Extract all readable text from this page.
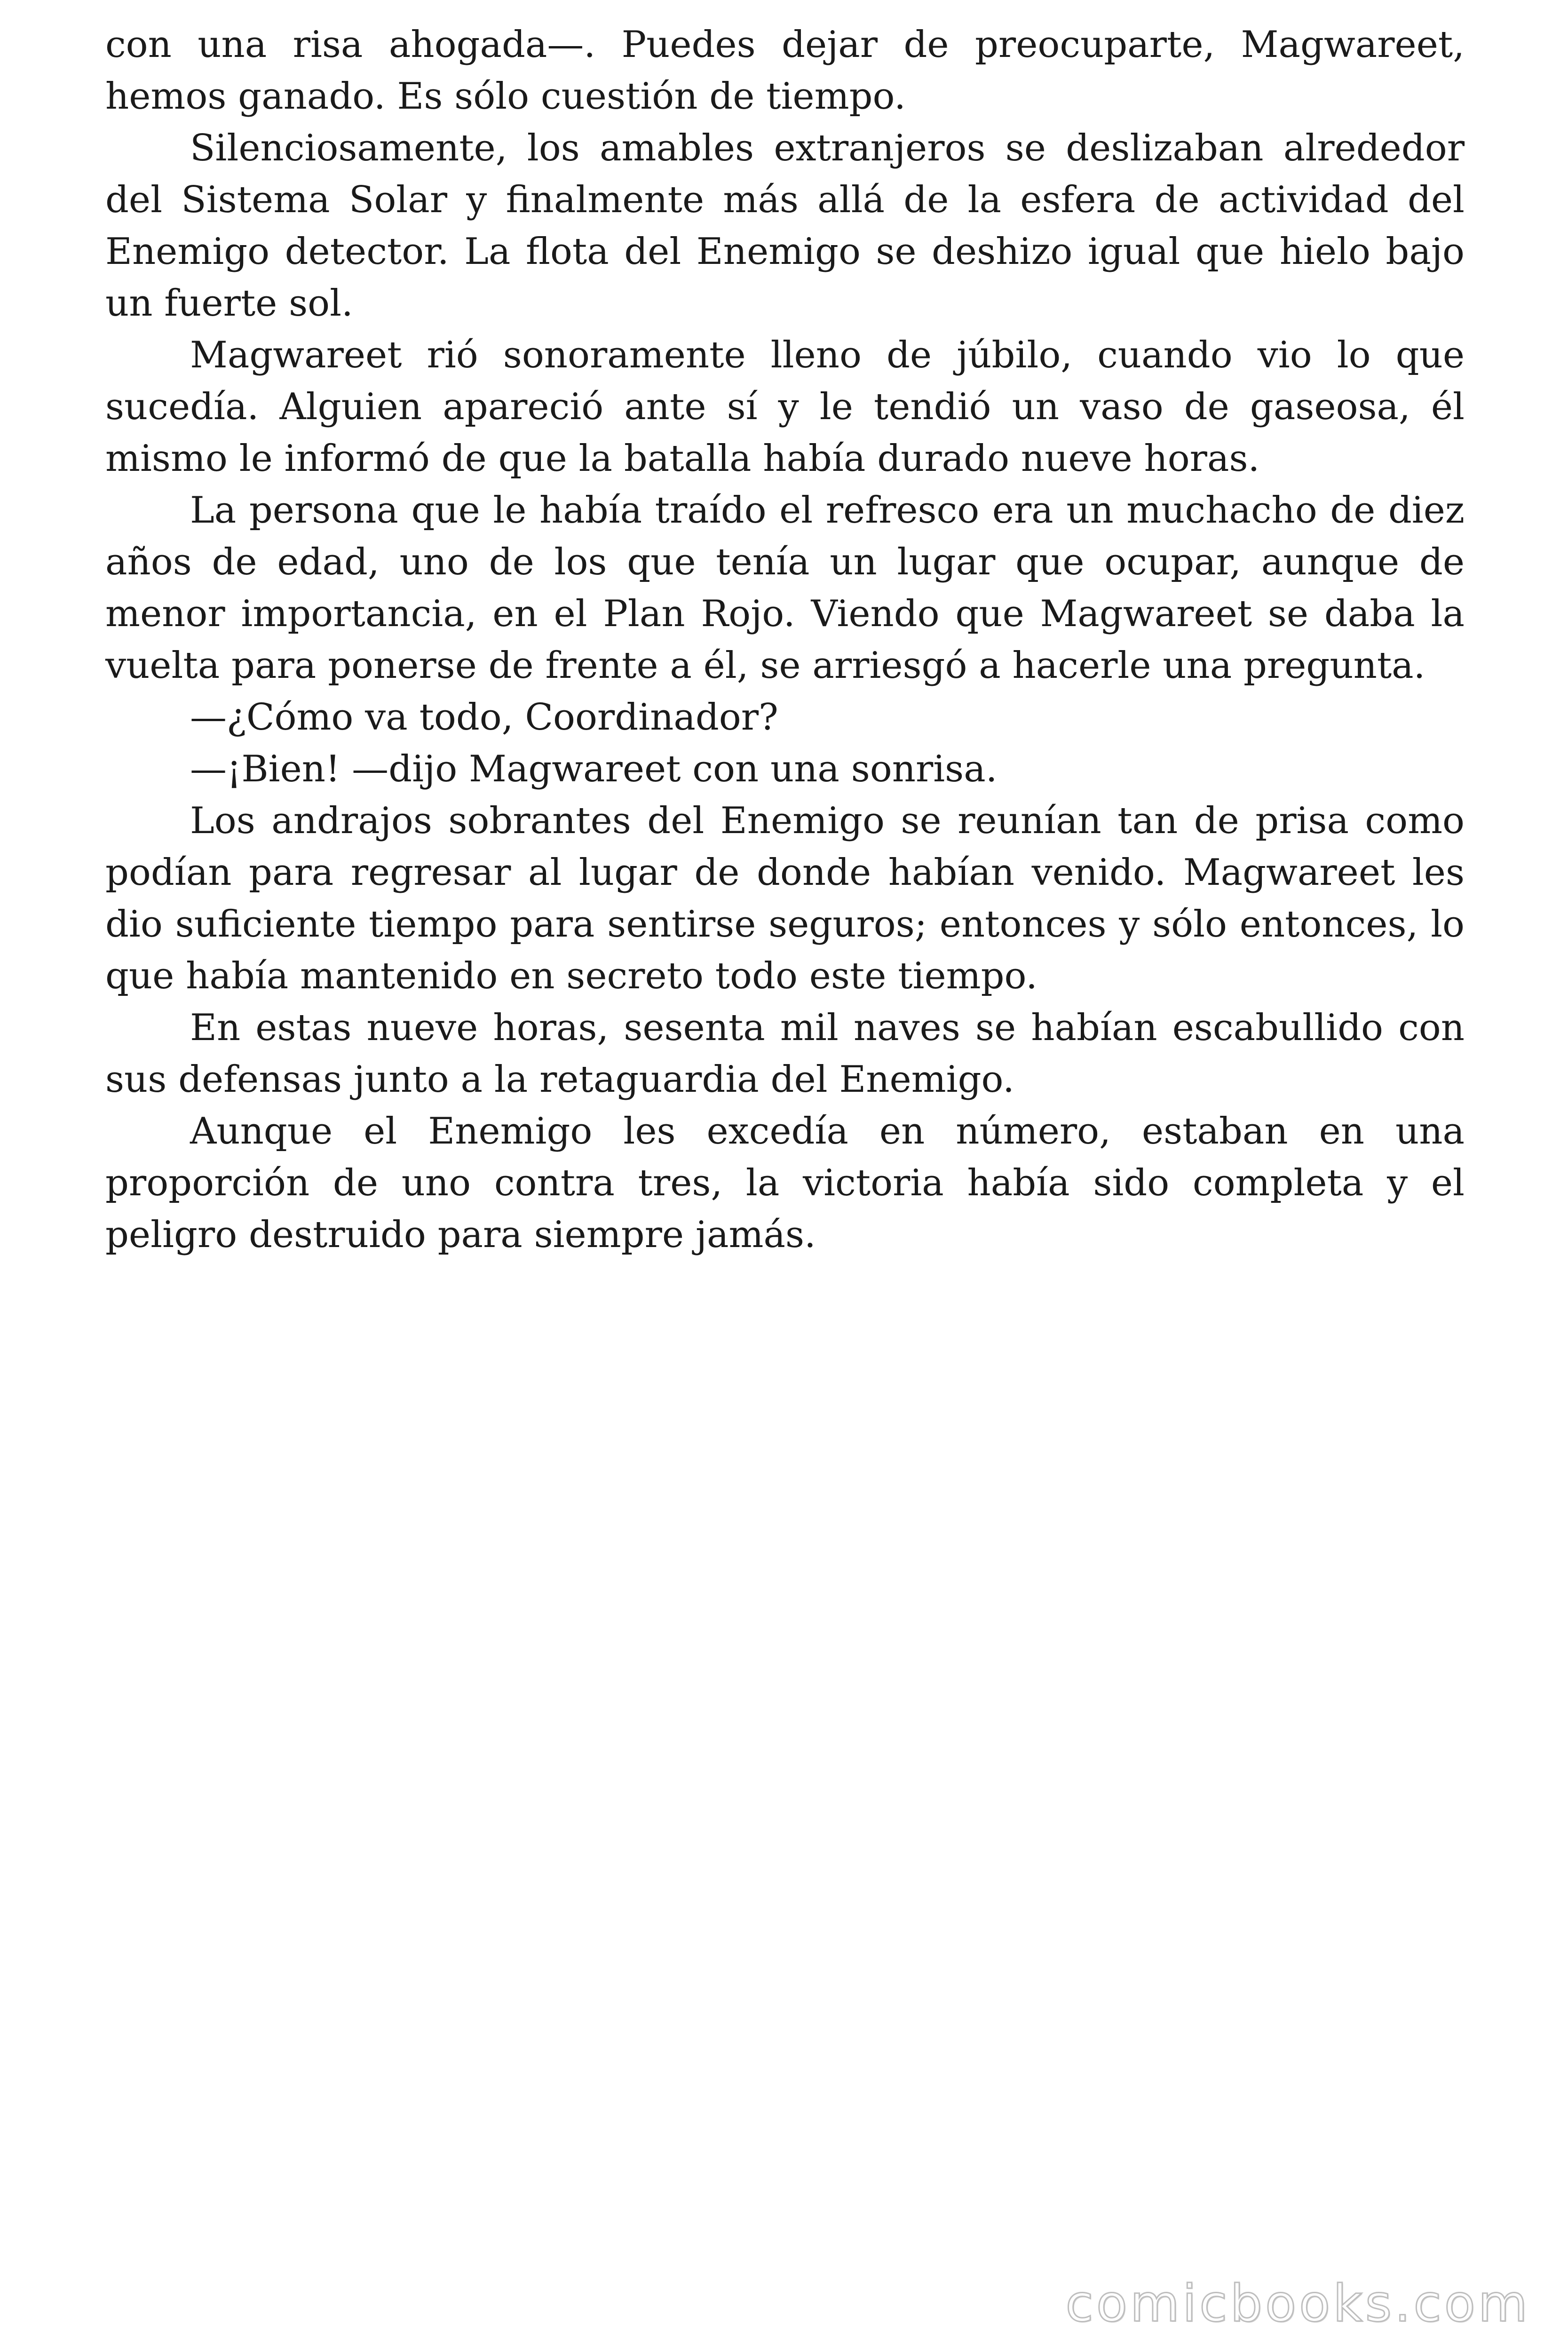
con una risa ahogada—. Puedes dejar de preocuparte, Magwareet, hemos ganado. Es sólo cuestión de tiempo.

Silenciosamente, los amables extranjeros se deslizaban alrededor del Sistema Solar y finalmente más allá de la esfera de actividad del Enemigo detector. La flota del Enemigo se deshizo igual que hielo bajo un fuerte sol.

Magwareet rió sonoramente lleno de júbilo, cuando vio lo que sucedía. Alguien apareció ante sí y le tendió un vaso de gaseosa, él mismo le informó de que la batalla había durado nueve horas.

La persona que le había traído el refresco era un muchacho de diez años de edad, uno de los que tenía un lugar que ocupar, aunque de menor importancia, en el Plan Rojo. Viendo que Magwareet se daba la vuelta para ponerse de frente a él, se arriesgó a hacerle una pregunta.

—¿Cómo va todo, Coordinador?

—¡Bien! —dijo Magwareet con una sonrisa.

Los andrajos sobrantes del Enemigo se reunían tan de prisa como podían para regresar al lugar de donde habían venido. Magwareet les dio suficiente tiempo para sentirse seguros; entonces y sólo entonces, lo que había mantenido en secreto todo este tiempo.

En estas nueve horas, sesenta mil naves se habían escabullido con sus defensas junto a la retaguardia del Enemigo.

Aunque el Enemigo les excedía en número, estaban en una proporción de uno contra tres, la victoria había sido completa y el peligro destruido para siempre jamás.

comicbooks.com
